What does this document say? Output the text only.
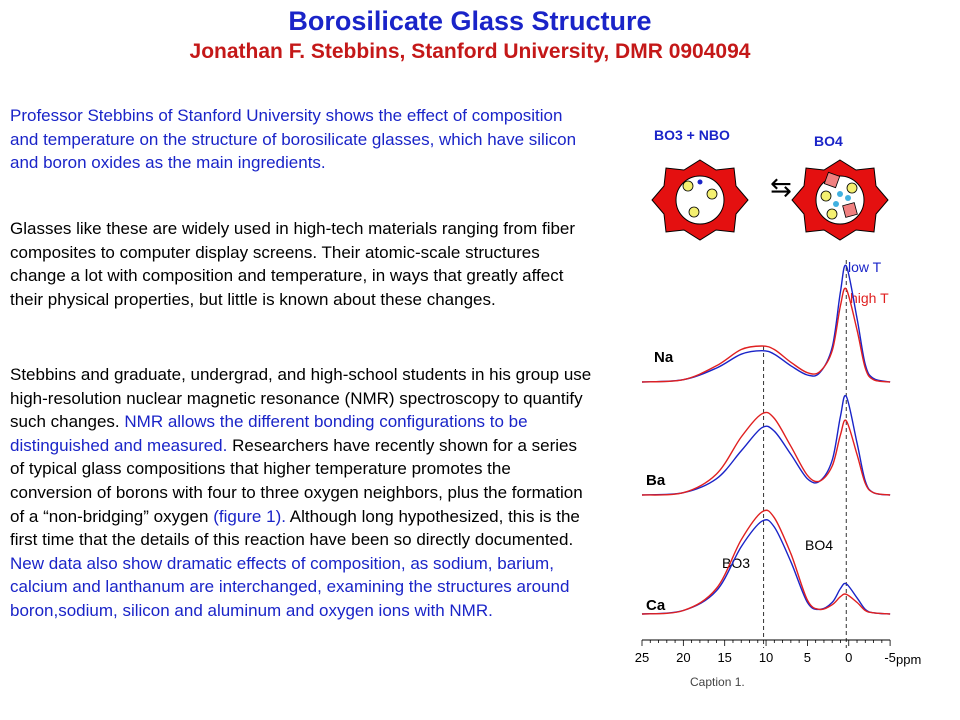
Borosilicate Glass Structure
Jonathan F. Stebbins, Stanford University, DMR 0904094

Professor Stebbins of Stanford University shows the effect of composition and temperature on the structure of borosilicate glasses, which have silicon and boron oxides as the main ingredients.

Glasses like these are widely used in high-tech materials ranging from fiber composites to computer display screens. Their atomic-scale structures change a lot with composition and temperature, in ways that greatly affect their physical properties, but little is known about these changes.

Stebbins and graduate, undergrad, and high-school students in his group use high-resolution nuclear magnetic resonance (NMR) spectroscopy to quantify such changes. NMR allows the different bonding configurations to be distinguished and measured. Researchers have recently shown for a series of typical glass compositions that higher temperature promotes the conversion of borons with four to three oxygen neighbors, plus the formation of a “non-bridging” oxygen (figure 1). Although long hypothesized, this is the first time that the details of this reaction have been so directly documented. New data also show dramatic effects of composition, as sodium, barium, calcium and lanthanum are interchanged, examining the structures around boron,sodium, silicon and aluminum and oxygen ions with NMR.

BO3 + NBO	BO4
⇆
low T
high T
Na
Ba
Ca
BO3
BO4
25 20 15 10 5	0 -5 ppm
Caption 1.
